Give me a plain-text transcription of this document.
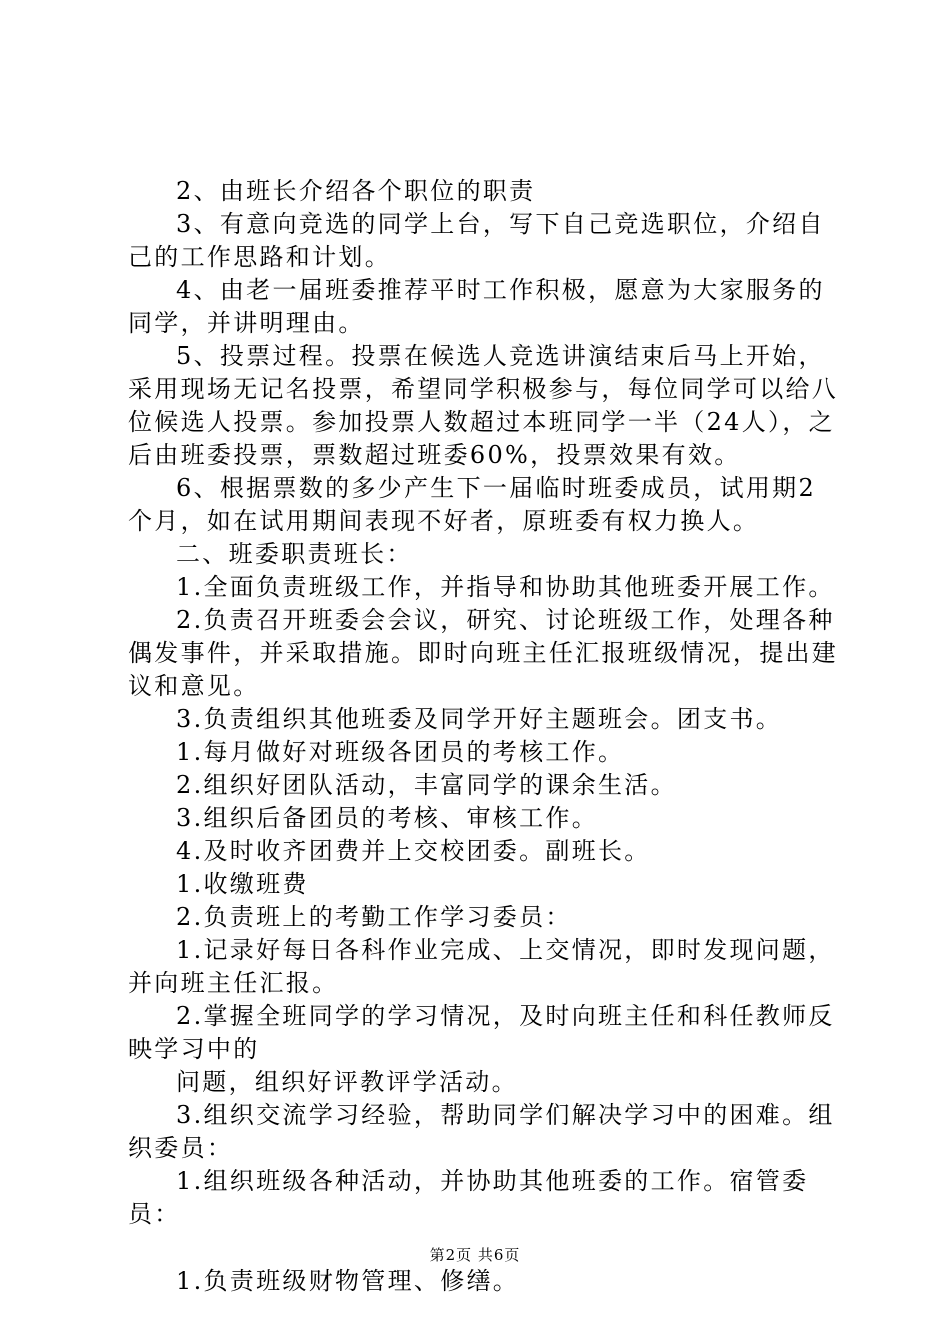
2、由班长介绍各个职位的职责

3、有意向竞选的同学上台，写下自己竞选职位，介绍自己的工作思路和计划。

4、由老一届班委推荐平时工作积极，愿意为大家服务的同学，并讲明理由。

5、投票过程。投票在候选人竞选讲演结束后马上开始，采用现场无记名投票，希望同学积极参与，每位同学可以给八位候选人投票。参加投票人数超过本班同学一半（24人），之后由班委投票，票数超过班委60%，投票效果有效。

6、根据票数的多少产生下一届临时班委成员，试用期2个月，如在试用期间表现不好者，原班委有权力换人。

二、班委职责班长：

1.全面负责班级工作，并指导和协助其他班委开展工作。

2.负责召开班委会会议，研究、讨论班级工作，处理各种偶发事件，并采取措施。即时向班主任汇报班级情况，提出建议和意见。

3.负责组织其他班委及同学开好主题班会。团支书。

1.每月做好对班级各团员的考核工作。

2.组织好团队活动，丰富同学的课余生活。

3.组织后备团员的考核、审核工作。

4.及时收齐团费并上交校团委。副班长。

1.收缴班费

2.负责班上的考勤工作学习委员：

1.记录好每日各科作业完成、上交情况，即时发现问题，并向班主任汇报。

2.掌握全班同学的学习情况，及时向班主任和科任教师反映学习中的

问题，组织好评教评学活动。

3.组织交流学习经验，帮助同学们解决学习中的困难。组织委员：

1.组织班级各种活动，并协助其他班委的工作。宿管委员：

1.负责班级财物管理、修缮。

第2页 共6页
